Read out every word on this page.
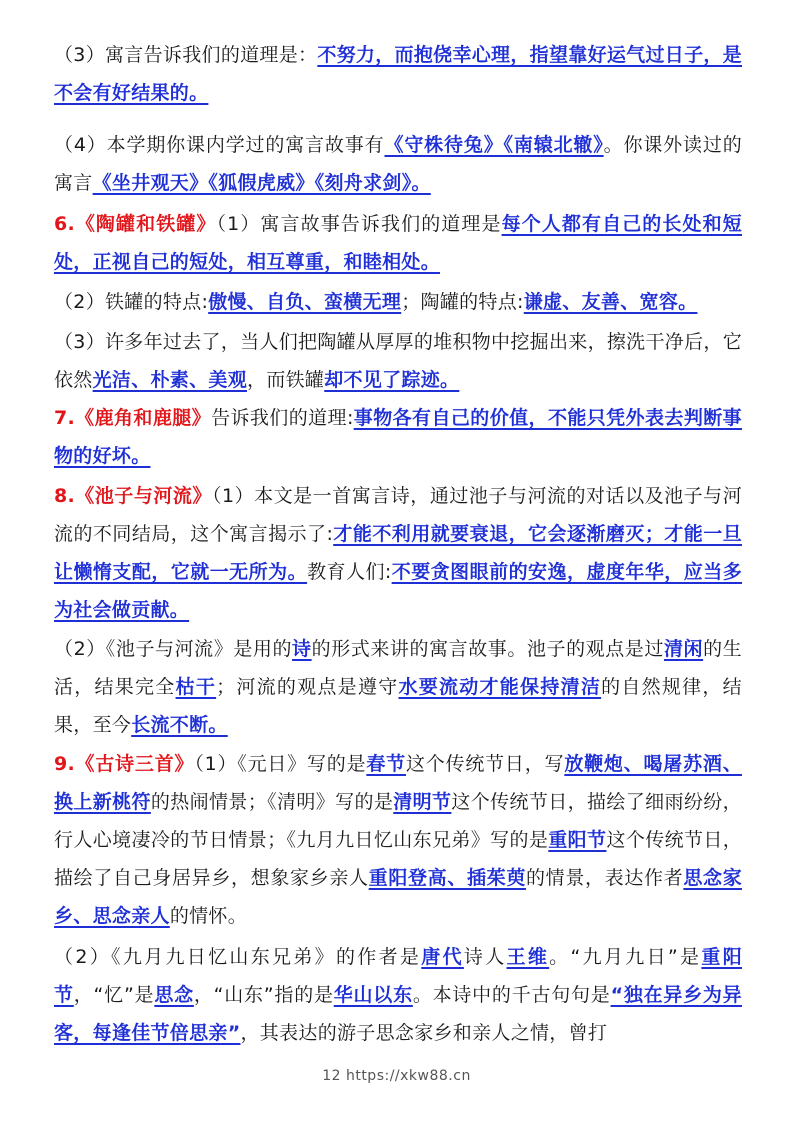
（3）寓言告诉我们的道理是：不努力，而抱侥幸心理，指望靠好运气过日子，是不会有好结果的。
（4）本学期你课内学过的寓言故事有《守株待兔》《南辕北辙》。你课外读过的寓言《坐井观天》《狐假虎威》《刻舟求剑》。
6.《陶罐和铁罐》（1）寓言故事告诉我们的道理是每个人都有自己的长处和短处，正视自己的短处，相互尊重，和睦相处。
（2）铁罐的特点:傲慢、自负、蛮横无理；陶罐的特点:谦虚、友善、宽容。
（3）许多年过去了，当人们把陶罐从厚厚的堆积物中挖掘出来，擦洗干净后，它依然光洁、朴素、美观，而铁罐却不见了踪迹。
7.《鹿角和鹿腿》告诉我们的道理:事物各有自己的价值，不能只凭外表去判断事物的好坏。
8.《池子与河流》（1）本文是一首寓言诗，通过池子与河流的对话以及池子与河流的不同结局，这个寓言揭示了:才能不利用就要衰退，它会逐渐磨灭；才能一旦让懒惰支配，它就一无所为。教育人们:不要贪图眼前的安逸，虚度年华，应当多为社会做贡献。
（2）《池子与河流》是用的诗的形式来讲的寓言故事。池子的观点是过清闲的生活，结果完全枯干；河流的观点是遵守水要流动才能保持清洁的自然规律，结果，至今长流不断。
9.《古诗三首》（1）《元日》写的是春节这个传统节日，写放鞭炮、喝屠苏酒、换上新桃符的热闹情景；《清明》写的是清明节这个传统节日，描绘了细雨纷纷，行人心境凄冷的节日情景；《九月九日忆山东兄弟》写的是重阳节这个传统节日，描绘了自己身居异乡，想象家乡亲人重阳登高、插茱萸的情景，表达作者思念家乡、思念亲人的情怀。
（2）《九月九日忆山东兄弟》的作者是唐代诗人王维。“九月九日”是重阳节，“忆”是思念，“山东”指的是华山以东。本诗中的千古句句是“独在异乡为异客，每逢佳节倍思亲”，其表达的游子思念家乡和亲人之情，曾打
12 https://xkw88.cn
